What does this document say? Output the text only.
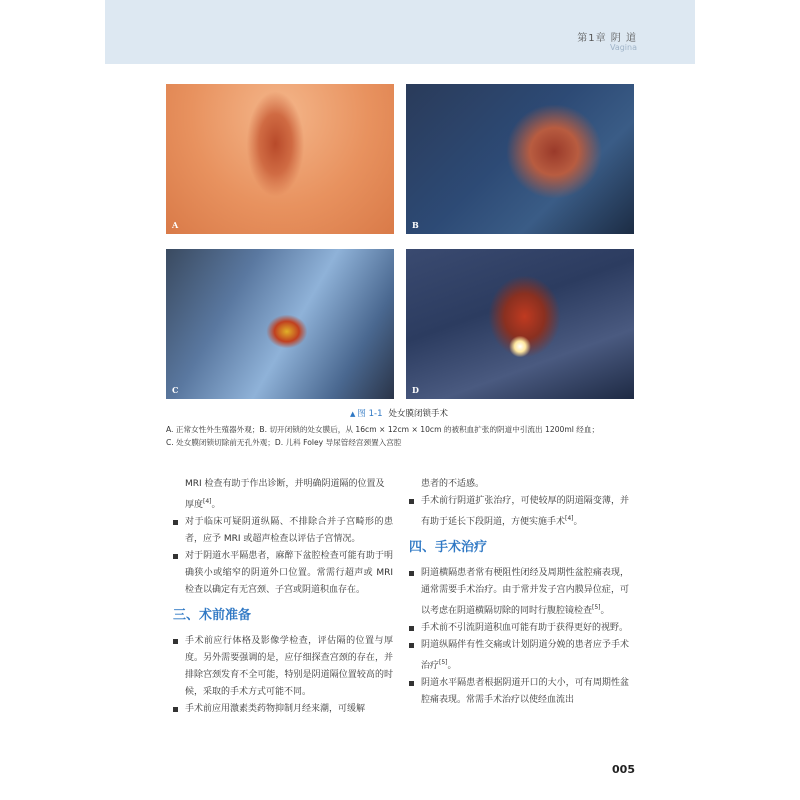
第1章 阴 道
Vagina
A	B
C	D
▲ 图 1-1 处女膜闭锁手术
A. 正常女性外生殖器外观；B. 切开闭锁的处女膜后，从 16cm × 12cm × 10cm 的被积血扩张的阴道中引流出 1200ml 经血；
C. 处女膜闭锁切除前无孔外观；D. 儿科 Foley 导尿管经宫颈置入宫腔

MRI 检查有助于作出诊断，并明确阴道隔的位置及厚度[4]。

对于临床可疑阴道纵隔、不排除合并子宫畸形的患者，应予 MRI 或超声检查以评估子宫情况。

对于阴道水平隔患者，麻醉下盆腔检查可能有助于明确狭小或缩窄的阴道外口位置。常需行超声或 MRI 检查以确定有无宫颈、子宫或阴道积血存在。

三、术前准备

手术前应行体格及影像学检查，评估隔的位置与厚度。另外需要强调的是，应仔细探查宫颈的存在，并排除宫颈发育不全可能，特别是阴道隔位置较高的时候，采取的手术方式可能不同。

手术前应用激素类药物抑制月经来潮，可缓解

患者的不适感。

手术前行阴道扩张治疗，可使较厚的阴道隔变薄，并有助于延长下段阴道，方便实施手术[4]。

四、手术治疗

阴道横隔患者常有梗阻性闭经及周期性盆腔痛表现，通常需要手术治疗。由于常并发子宫内膜异位症，可以考虑在阴道横隔切除的同时行腹腔镜检查[5]。

手术前不引流阴道积血可能有助于获得更好的视野。

阴道纵隔伴有性交痛或计划阴道分娩的患者应予手术治疗[5]。

阴道水平隔患者根据阴道开口的大小，可有周期性盆腔痛表现。常需手术治疗以使经血流出

005
